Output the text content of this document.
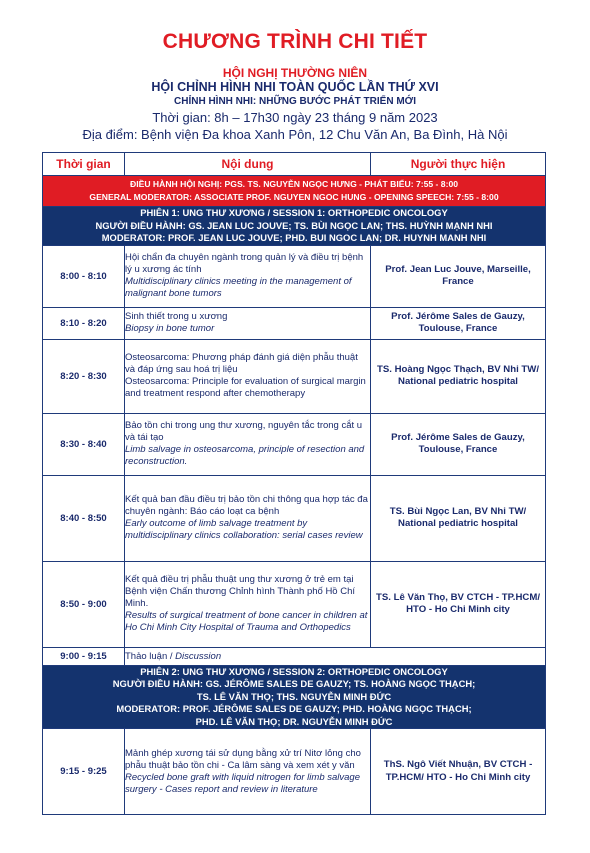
CHƯƠNG TRÌNH CHI TIẾT
HỘI NGHỊ THƯỜNG NIÊN
HỘI CHỈNH HÌNH NHI TOÀN QUỐC LẦN THỨ XVI
CHỈNH HÌNH NHI: NHỮNG BƯỚC PHÁT TRIỂN MỚI
Thời gian: 8h – 17h30 ngày 23 tháng 9 năm 2023
Địa điểm: Bệnh viện Đa khoa Xanh Pôn, 12 Chu Văn An, Ba Đình, Hà Nội
Thời gian	Nội dung	Người thực hiện

ĐIỀU HÀNH HỘI NGHỊ: PGS. TS. NGUYỄN NGỌC HƯNG - PHÁT BIỂU: 7:55 - 8:00
GENERAL MODERATOR: ASSOCIATE PROF. NGUYEN NGOC HUNG - OPENING SPEECH: 7:55 - 8:00		

PHIÊN 1: UNG THƯ XƯƠNG / SESSION 1: ORTHOPEDIC ONCOLOGY
NGƯỜI ĐIỀU HÀNH: GS. JEAN LUC JOUVE; TS. BÙI NGỌC LAN; THS. HUỲNH MẠNH NHI
MODERATOR: PROF. JEAN LUC JOUVE; PHD. BUI NGOC LAN; DR. HUYNH MANH NHI		

8:00 - 8:10	Hội chẩn đa chuyên ngành trong quản lý và điều trị bệnh lý u xương ác tính
Multidisciplinary clinics meeting in the management of malignant bone tumors	Prof. Jean Luc Jouve, Marseille, France
8:10 - 8:20	Sinh thiết trong u xương
Biopsy in bone tumor	Prof. Jérôme Sales de Gauzy, Toulouse, France
8:20 - 8:30	Osteosarcoma: Phương pháp đánh giá diện phẫu thuật và đáp ứng sau hoá trị liệu
Osteosarcoma: Principle for evaluation of surgical margin and treatment respond after chemotherapy	TS. Hoàng Ngọc Thạch, BV Nhi TW/ National pediatric hospital
8:30 - 8:40	Bảo tồn chi trong ung thư xương, nguyên tắc trong cắt u và tái tạo
Limb salvage in osteosarcoma, principle of resection and reconstruction.	Prof. Jérôme Sales de Gauzy, Toulouse, France
8:40 - 8:50	Kết quả ban đầu điều trị bảo tồn chi thông qua hợp tác đa chuyên ngành: Báo cáo loạt ca bệnh
Early outcome of limb salvage treatment by multidisciplinary clinics collaboration: serial cases review	TS. Bùi Ngọc Lan, BV Nhi TW/ National pediatric hospital
8:50 - 9:00	Kết quả điều trị phẫu thuật ung thư xương ở trẻ em tại Bệnh viện Chấn thương Chỉnh hình Thành phố Hồ Chí Minh.
Results of surgical treatment of bone cancer in children at Ho Chi Minh City Hospital of Trauma and Orthopedics	TS. Lê Văn Thọ, BV CTCH - TP.HCM/ HTO - Ho Chi Minh city
9:00 - 9:15	Thảo luận / Discussion	

PHIÊN 2: UNG THƯ XƯƠNG / SESSION 2: ORTHOPEDIC ONCOLOGY
NGƯỜI ĐIỀU HÀNH: GS. JÉRÔME SALES DE GAUZY; TS. HOÀNG NGỌC THẠCH;
TS. LÊ VĂN THỌ; THS. NGUYỄN MINH ĐỨC
MODERATOR: PROF. JÉRÔME SALES DE GAUZY; PHD. HOÀNG NGỌC THẠCH;
PHD. LÊ VĂN THỌ; DR. NGUYỄN MINH ĐỨC		

9:15 - 9:25	Mảnh ghép xương tái sử dụng bằng xử trí Nitơ lỏng cho phẫu thuật bảo tồn chi - Ca lâm sàng và xem xét y văn
Recycled bone graft with liquid nitrogen for limb salvage surgery - Cases report and review in literature	ThS. Ngô Viết Nhuận, BV CTCH - TP.HCM/ HTO - Ho Chi Minh city
